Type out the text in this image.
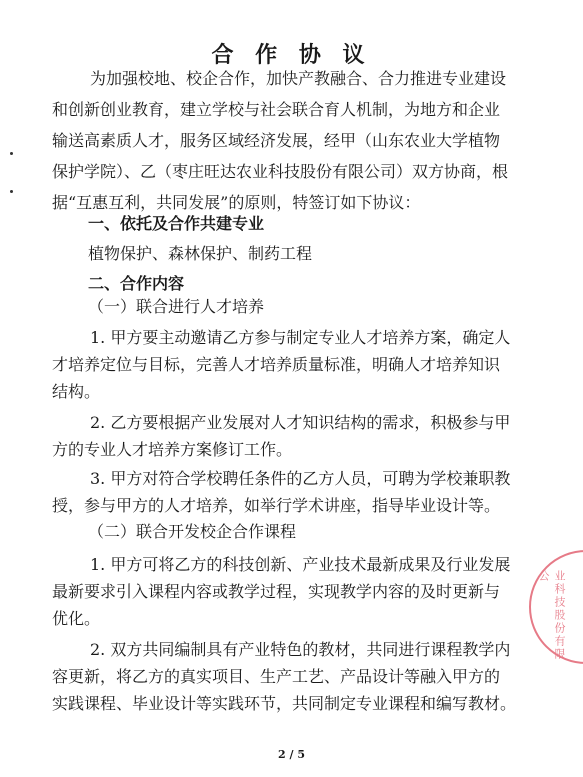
合 作 协 议
为加强校地、校企合作，加快产教融合、合力推进专业建设
和创新创业教育，建立学校与社会联合育人机制，为地方和企业
输送高素质人才，服务区域经济发展，经甲（山东农业大学植物
保护学院）、乙（枣庄旺达农业科技股份有限公司）双方协商，根
据“互惠互利，共同发展”的原则，特签订如下协议：
一、依托及合作共建专业
植物保护、森林保护、制药工程
二、合作内容
（一）联合进行人才培养
1. 甲方要主动邀请乙方参与制定专业人才培养方案，确定人
才培养定位与目标，完善人才培养质量标准，明确人才培养知识
结构。
2. 乙方要根据产业发展对人才知识结构的需求，积极参与甲
方的专业人才培养方案修订工作。
3. 甲方对符合学校聘任条件的乙方人员，可聘为学校兼职教
授，参与甲方的人才培养，如举行学术讲座，指导毕业设计等。
（二）联合开发校企合作课程
1. 甲方可将乙方的科技创新、产业技术最新成果及行业发展
最新要求引入课程内容或教学过程，实现教学内容的及时更新与
优化。
2. 双方共同编制具有产业特色的教材，共同进行课程教学内
容更新，将乙方的真实项目、生产工艺、产品设计等融入甲方的
实践课程、毕业设计等实践环节，共同制定专业课程和编写教材。
2 / 5
业科技股份有限公
